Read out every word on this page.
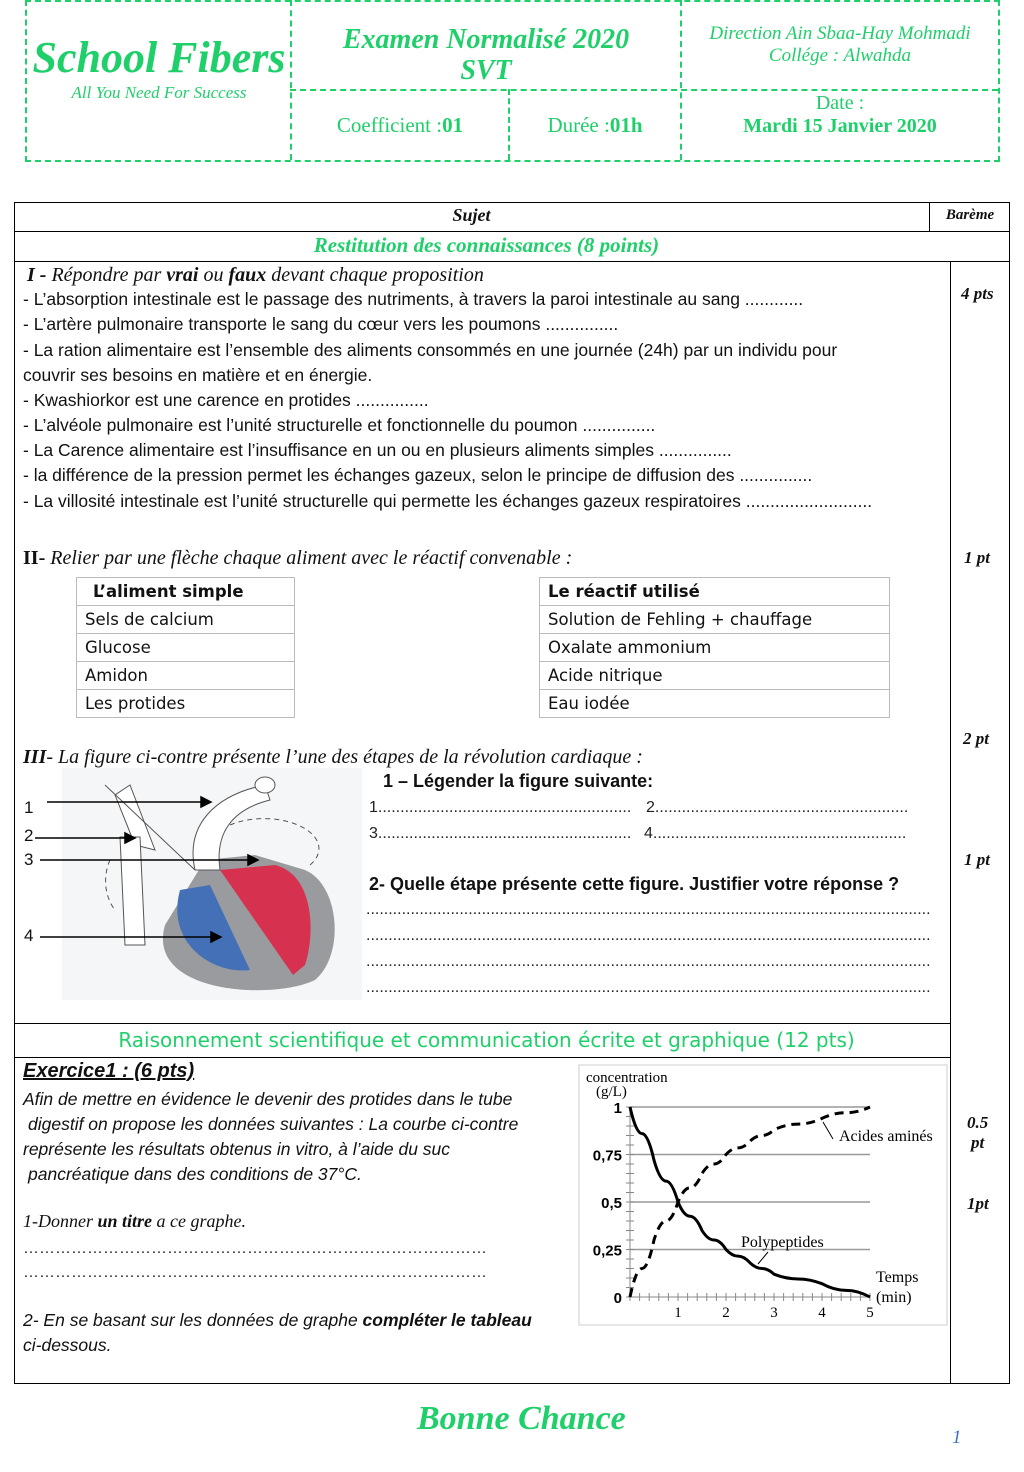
School Fibers
All You Need For Success
Examen Normalisé 2020
SVT
Direction Ain Sbaa-Hay Mohmadi
Collége : Alwahda
Coefficient : 01	Durée : 01h
Date :
Mardi 15 Janvier 2020
Sujet	Barème
Restitution des connaissances (8 points)
I - Répondre par vrai ou faux devant chaque proposition
- L’absorption intestinale est le passage des nutriments, à travers la paroi intestinale au sang ............
- L’artère pulmonaire transporte le sang du cœur vers les poumons ...............
- La ration alimentaire est l’ensemble des aliments consommés en une journée (24h) par un individu pour
couvrir ses besoins en matière et en énergie.
- Kwashiorkor est une carence en protides ...............
- L’alvéole pulmonaire est l’unité structurelle et fonctionnelle du poumon ...............
- La Carence alimentaire est l’insuffisance en un ou en plusieurs aliments simples ...............
- la différence de la pression permet les échanges gazeux, selon le principe de diffusion des ...............
- La villosité intestinale est l’unité structurelle qui permette les échanges gazeux respiratoires ..........................
II- Relier par une flèche chaque aliment avec le réactif convenable :
L’aliment simple
Sels de calcium
Glucose
Amidon
Les protides
Le réactif utilisé
Solution de Fehling + chauffage
Oxalate ammonium
Acide nitrique
Eau iodée
III- La figure ci-contre présente l’une des étapes de la révolution cardiaque :
1
2
3
4
1 – Légender la figure suivante:
1......................................................... 2.........................................................
3......................................................... 4.........................................................
2- Quelle étape présente cette figure. Justifier votre réponse ?
...............................................................................................................................
...............................................................................................................................
...............................................................................................................................
...............................................................................................................................
4 pts
1 pt
2 pt
1 pt
Raisonnement scientifique et communication écrite et graphique (12 pts)
Exercice1 : (6 pts)
Afin de mettre en évidence le devenir des protides dans le tube
digestif on propose les données suivantes : La courbe ci-contre
représente les résultats obtenus in vitro, à l’aide du suc
pancréatique dans des conditions de 37°C.
1-Donner un titre a ce graphe.
……………………………………………………………………………
……………………………………………………………………………
2- En se basant sur les données de graphe compléter le tableau
ci-dessous.
0.5
pt
1pt
0
0,25
0,5
0,75
1
1	2	3	4	5
concentration
(g/L)
Temps
(min)
Polypeptides
Acides aminés
Bonne Chance
1
